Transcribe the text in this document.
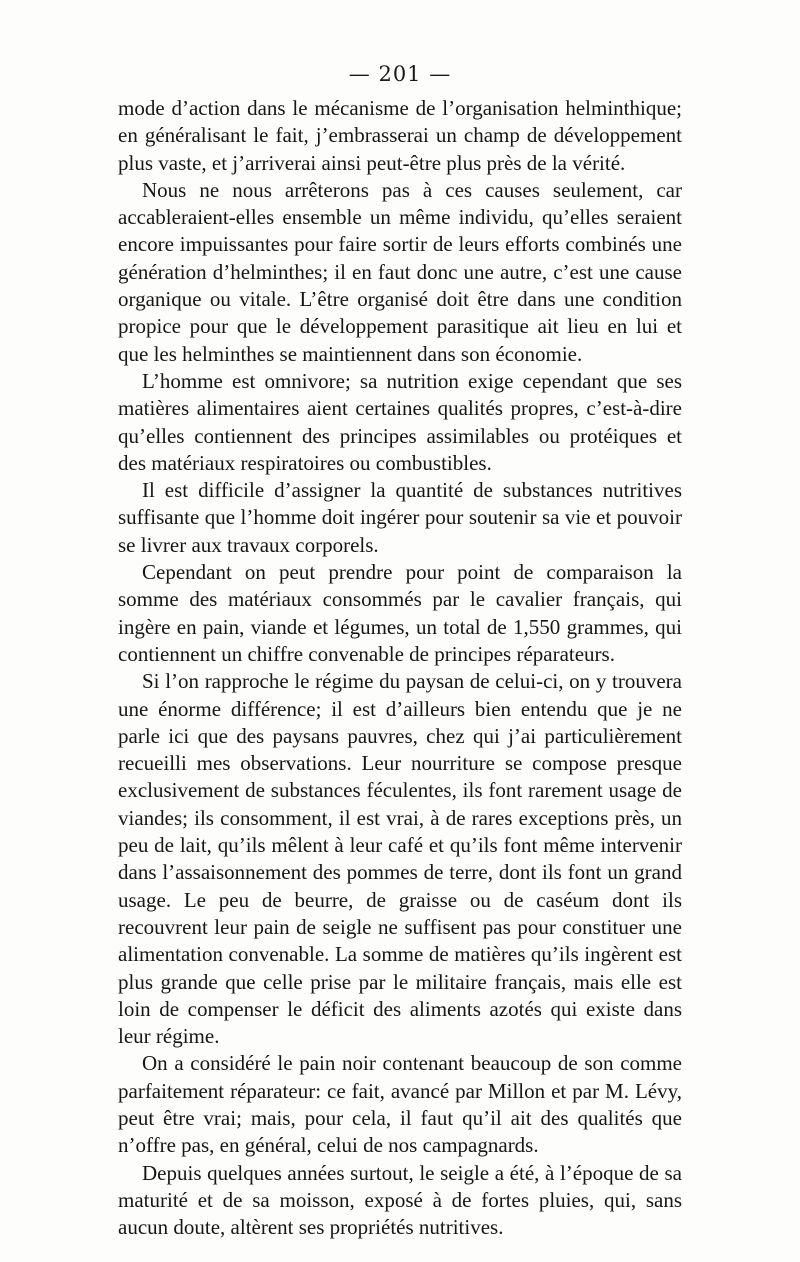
— 201 —

mode d’action dans le mécanisme de l’organisation helminthique; en généralisant le fait, j’embrasserai un champ de développement plus vaste, et j’arriverai ainsi peut-être plus près de la vérité.

Nous ne nous arrêterons pas à ces causes seulement, car accableraient-elles ensemble un même individu, qu’elles seraient encore impuissantes pour faire sortir de leurs efforts combinés une génération d’helminthes; il en faut donc une autre, c’est une cause organique ou vitale. L’être organisé doit être dans une condition propice pour que le développement parasitique ait lieu en lui et que les helminthes se maintiennent dans son économie.

L’homme est omnivore; sa nutrition exige cependant que ses matières alimentaires aient certaines qualités propres, c’est-à-dire qu’elles contiennent des principes assimilables ou protéiques et des matériaux respiratoires ou combustibles.

Il est difficile d’assigner la quantité de substances nutritives suffisante que l’homme doit ingérer pour soutenir sa vie et pouvoir se livrer aux travaux corporels.

Cependant on peut prendre pour point de comparaison la somme des matériaux consommés par le cavalier français, qui ingère en pain, viande et légumes, un total de 1,550 grammes, qui contiennent un chiffre convenable de principes réparateurs.

Si l’on rapproche le régime du paysan de celui-ci, on y trouvera une énorme différence; il est d’ailleurs bien entendu que je ne parle ici que des paysans pauvres, chez qui j’ai particulièrement recueilli mes observations. Leur nourriture se compose presque exclusivement de substances féculentes, ils font rarement usage de viandes; ils consomment, il est vrai, à de rares exceptions près, un peu de lait, qu’ils mêlent à leur café et qu’ils font même intervenir dans l’assaisonnement des pommes de terre, dont ils font un grand usage. Le peu de beurre, de graisse ou de caséum dont ils recouvrent leur pain de seigle ne suffisent pas pour constituer une alimentation convenable. La somme de matières qu’ils ingèrent est plus grande que celle prise par le militaire français, mais elle est loin de compenser le déficit des aliments azotés qui existe dans leur régime.

On a considéré le pain noir contenant beaucoup de son comme parfaitement réparateur: ce fait, avancé par Millon et par M. Lévy, peut être vrai; mais, pour cela, il faut qu’il ait des qualités que n’offre pas, en général, celui de nos campagnards.

Depuis quelques années surtout, le seigle a été, à l’époque de sa maturité et de sa moisson, exposé à de fortes pluies, qui, sans aucun doute, altèrent ses propriétés nutritives.
